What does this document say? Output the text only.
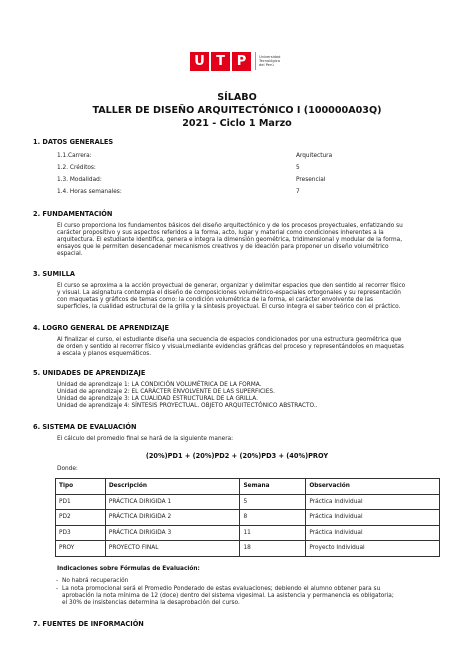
U T P	Universidad
Tecnológica
del Perú
SÍLABO
TALLER DE DISEÑO ARQUITECTÓNICO I (100000A03Q)
2021 - Ciclo 1 Marzo
1. DATOS GENERALES
1.1.Carrera:	Arquitectura
1.2. Créditos:	5
1.3. Modalidad:	Presencial
1.4. Horas semanales:	7
2. FUNDAMENTACIÓN
El curso proporciona los fundamentos básicos del diseño arquitectónico y de los procesos proyectuales, enfatizando su
carácter propositivo y sus aspectos referidos a la forma, acto, lugar y material como condiciones inherentes a la
arquitectura. El estudiante identifica, genera e integra la dimensión geométrica, tridimensional y modular de la forma,
ensayos que le permiten desencadenar mecanismos creativos y de ideación para proponer un diseño volumétrico
espacial.
3. SUMILLA
El curso se aproxima a la acción proyectual de generar, organizar y delimitar espacios que den sentido al recorrer físico
y visual. La asignatura contempla el diseño de composiciones volumétrico-espaciales ortogonales y su representación
con maquetas y gráficos de temas como: la condición volumétrica de la forma, el carácter envolvente de las
superficies, la cualidad estructural de la grilla y la síntesis proyectual. El curso integra el saber teórico con el práctico.
4. LOGRO GENERAL DE APRENDIZAJE
Al finalizar el curso, el estudiante diseña una secuencia de espacios condicionados por una estructura geométrica que
de orden y sentido al recorrer físico y visual,mediante evidencias gráficas del proceso y representándolos en maquetas
a escala y planos esquemáticos.
5. UNIDADES DE APRENDIZAJE
Unidad de aprendizaje 1: LA CONDICIÓN VOLUMÉTRICA DE LA FORMA.
Unidad de aprendizaje 2: EL CARÁCTER ENVOLVENTE DE LAS SUPERFICIES.
Unidad de aprendizaje 3: LA CUALIDAD ESTRUCTURAL DE LA GRILLA.
Unidad de aprendizaje 4: SÍNTESIS PROYECTUAL. OBJETO ARQUITECTÓNICO ABSTRACTO..
6. SISTEMA DE EVALUACIÓN
El cálculo del promedio final se hará de la siguiente manera:
(20%)PD1 + (20%)PD2 + (20%)PD3 + (40%)PROY
Donde:
Tipo	Descripción	Semana	Observación
PD1	PRÁCTICA DIRIGIDA 1	5	Práctica Individual
PD2	PRÁCTICA DIRIGIDA 2	8	Práctica Individual
PD3	PRÁCTICA DIRIGIDA 3	11	Práctica Individual
PROY	PROYECTO FINAL	18	Proyecto Individual
Indicaciones sobre Fórmulas de Evaluación:
- No habrá recuperación
- La nota promocional será el Promedio Ponderado de estas evaluaciones; debiendo el alumno obtener para su
aprobación la nota mínima de 12 (doce) dentro del sistema vigesimal. La asistencia y permanencia es obligatoria;
el 30% de insistencias determina la desaprobación del curso.
7. FUENTES DE INFORMACIÓN
